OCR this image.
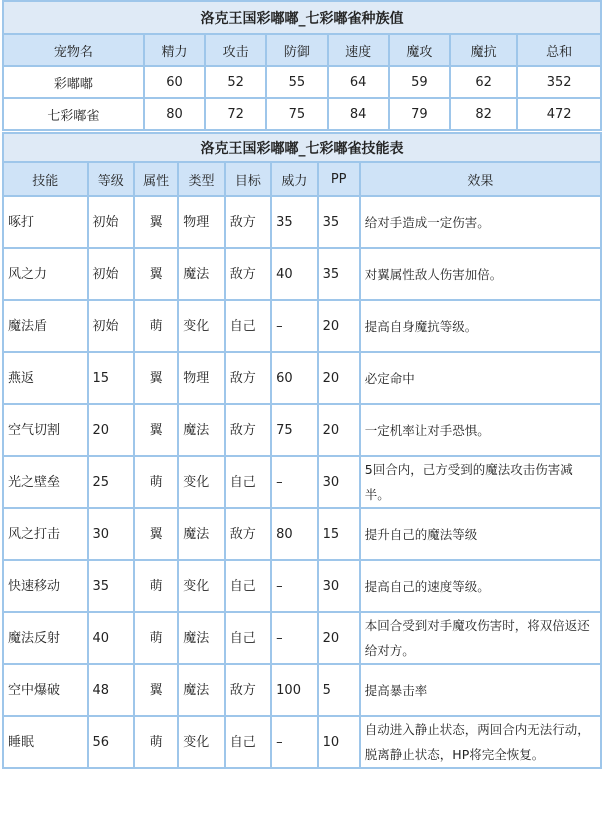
洛克王国彩嘟嘟_七彩嘟雀种族值							
宠物名	精力	攻击	防御	速度	魔攻	魔抗	总和
彩嘟嘟	60	52	55	64	59	62	352
七彩嘟雀	80	72	75	84	79	82	472
洛克王国彩嘟嘟_七彩嘟雀技能表							
技能	等级	属性	类型	目标	威力	PP	效果
啄打	初始	翼	物理	敌方	35	35	给对手造成一定伤害。
风之力	初始	翼	魔法	敌方	40	35	对翼属性敌人伤害加倍。
魔法盾	初始	萌	变化	自己	–	20	提高自身魔抗等级。
燕返	15	翼	物理	敌方	60	20	必定命中
空气切割	20	翼	魔法	敌方	75	20	一定机率让对手恐惧。
光之壁垒	25	萌	变化	自己	–	30	5回合内，己方受到的魔法攻击伤害减半。
风之打击	30	翼	魔法	敌方	80	15	提升自己的魔法等级
快速移动	35	萌	变化	自己	–	30	提高自己的速度等级。
魔法反射	40	萌	魔法	自己	–	20	本回合受到对手魔攻伤害时，将双倍返还给对方。
空中爆破	48	翼	魔法	敌方	100	5	提高暴击率
睡眠	56	萌	变化	自己	–	10	自动进入静止状态，两回合内无法行动，脱离静止状态，HP将完全恢复。
